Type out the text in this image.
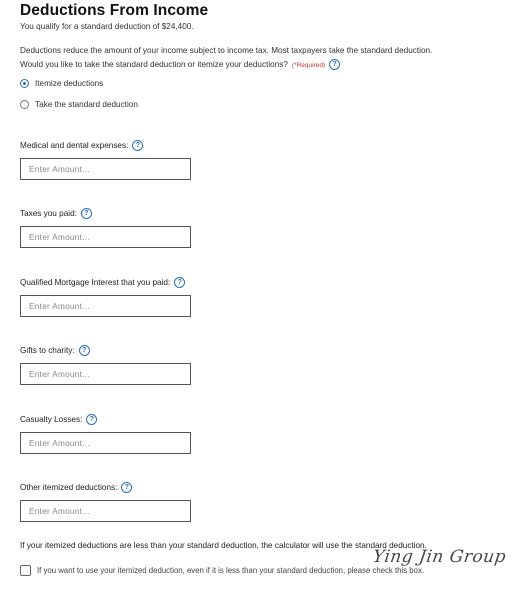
Deductions From Income
You qualify for a standard deduction of $24,400.
Deductions reduce the amount of your income subject to income tax. Most taxpayers take the standard deduction.
Would you like to take the standard deduction or itemize your deductions? (*Required) ?
Itemize deductions
Take the standard deduction
Medical and dental expenses:	?
Enter Amount...
Taxes you paid:	?
Enter Amount...
Qualified Mortgage Interest that you paid:	?
Enter Amount...
Gifts to charity:	?
Enter Amount...
Casualty Losses:	?
Enter Amount...
Other itemized deductions:	?
Enter Amount...
If your itemized deductions are less than your standard deduction, the calculator will use the standard deduction.
If you want to use your itemized deduction, even if it is less than your standard deduction, please check this box.
Ying Jin Group
